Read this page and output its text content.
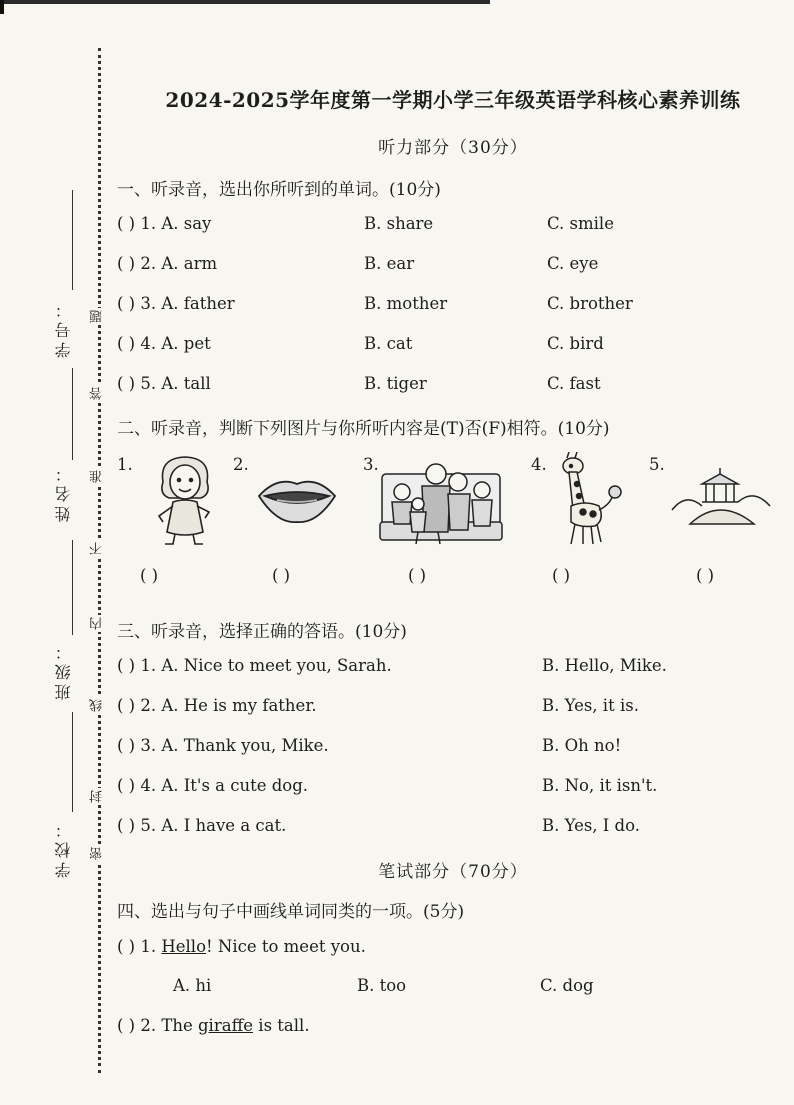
学号：
姓名：
班级：
学校：
题
答
准
不
内
线
封
密
2024-2025学年度第一学期小学三年级英语学科核心素养训练
听力部分（30分）
一、听录音，选出你所听到的单词。(10分)
( ) 1. A. say	B. share	C. smile
( ) 2. A. arm	B. ear	C. eye
( ) 3. A. father	B. mother	C. brother
( ) 4. A. pet	B. cat	C. bird
( ) 5. A. tall	B. tiger	C. fast
二、听录音，判断下列图片与你所听内容是(T)否(F)相符。(10分)
1.	2.	3.	4.	5.
( )	( )	( )	( )	( )
三、听录音，选择正确的答语。(10分)
( ) 1. A. Nice to meet you, Sarah.	B. Hello, Mike.
( ) 2. A. He is my father.	B. Yes, it is.
( ) 3. A. Thank you, Mike.	B. Oh no!
( ) 4. A. It's a cute dog.	B. No, it isn't.
( ) 5. A. I have a cat.	B. Yes, I do.
笔试部分（70分）
四、选出与句子中画线单词同类的一项。(5分)
( ) 1. Hello! Nice to meet you.
A. hi	B. too	C. dog
( ) 2. The giraffe is tall.
